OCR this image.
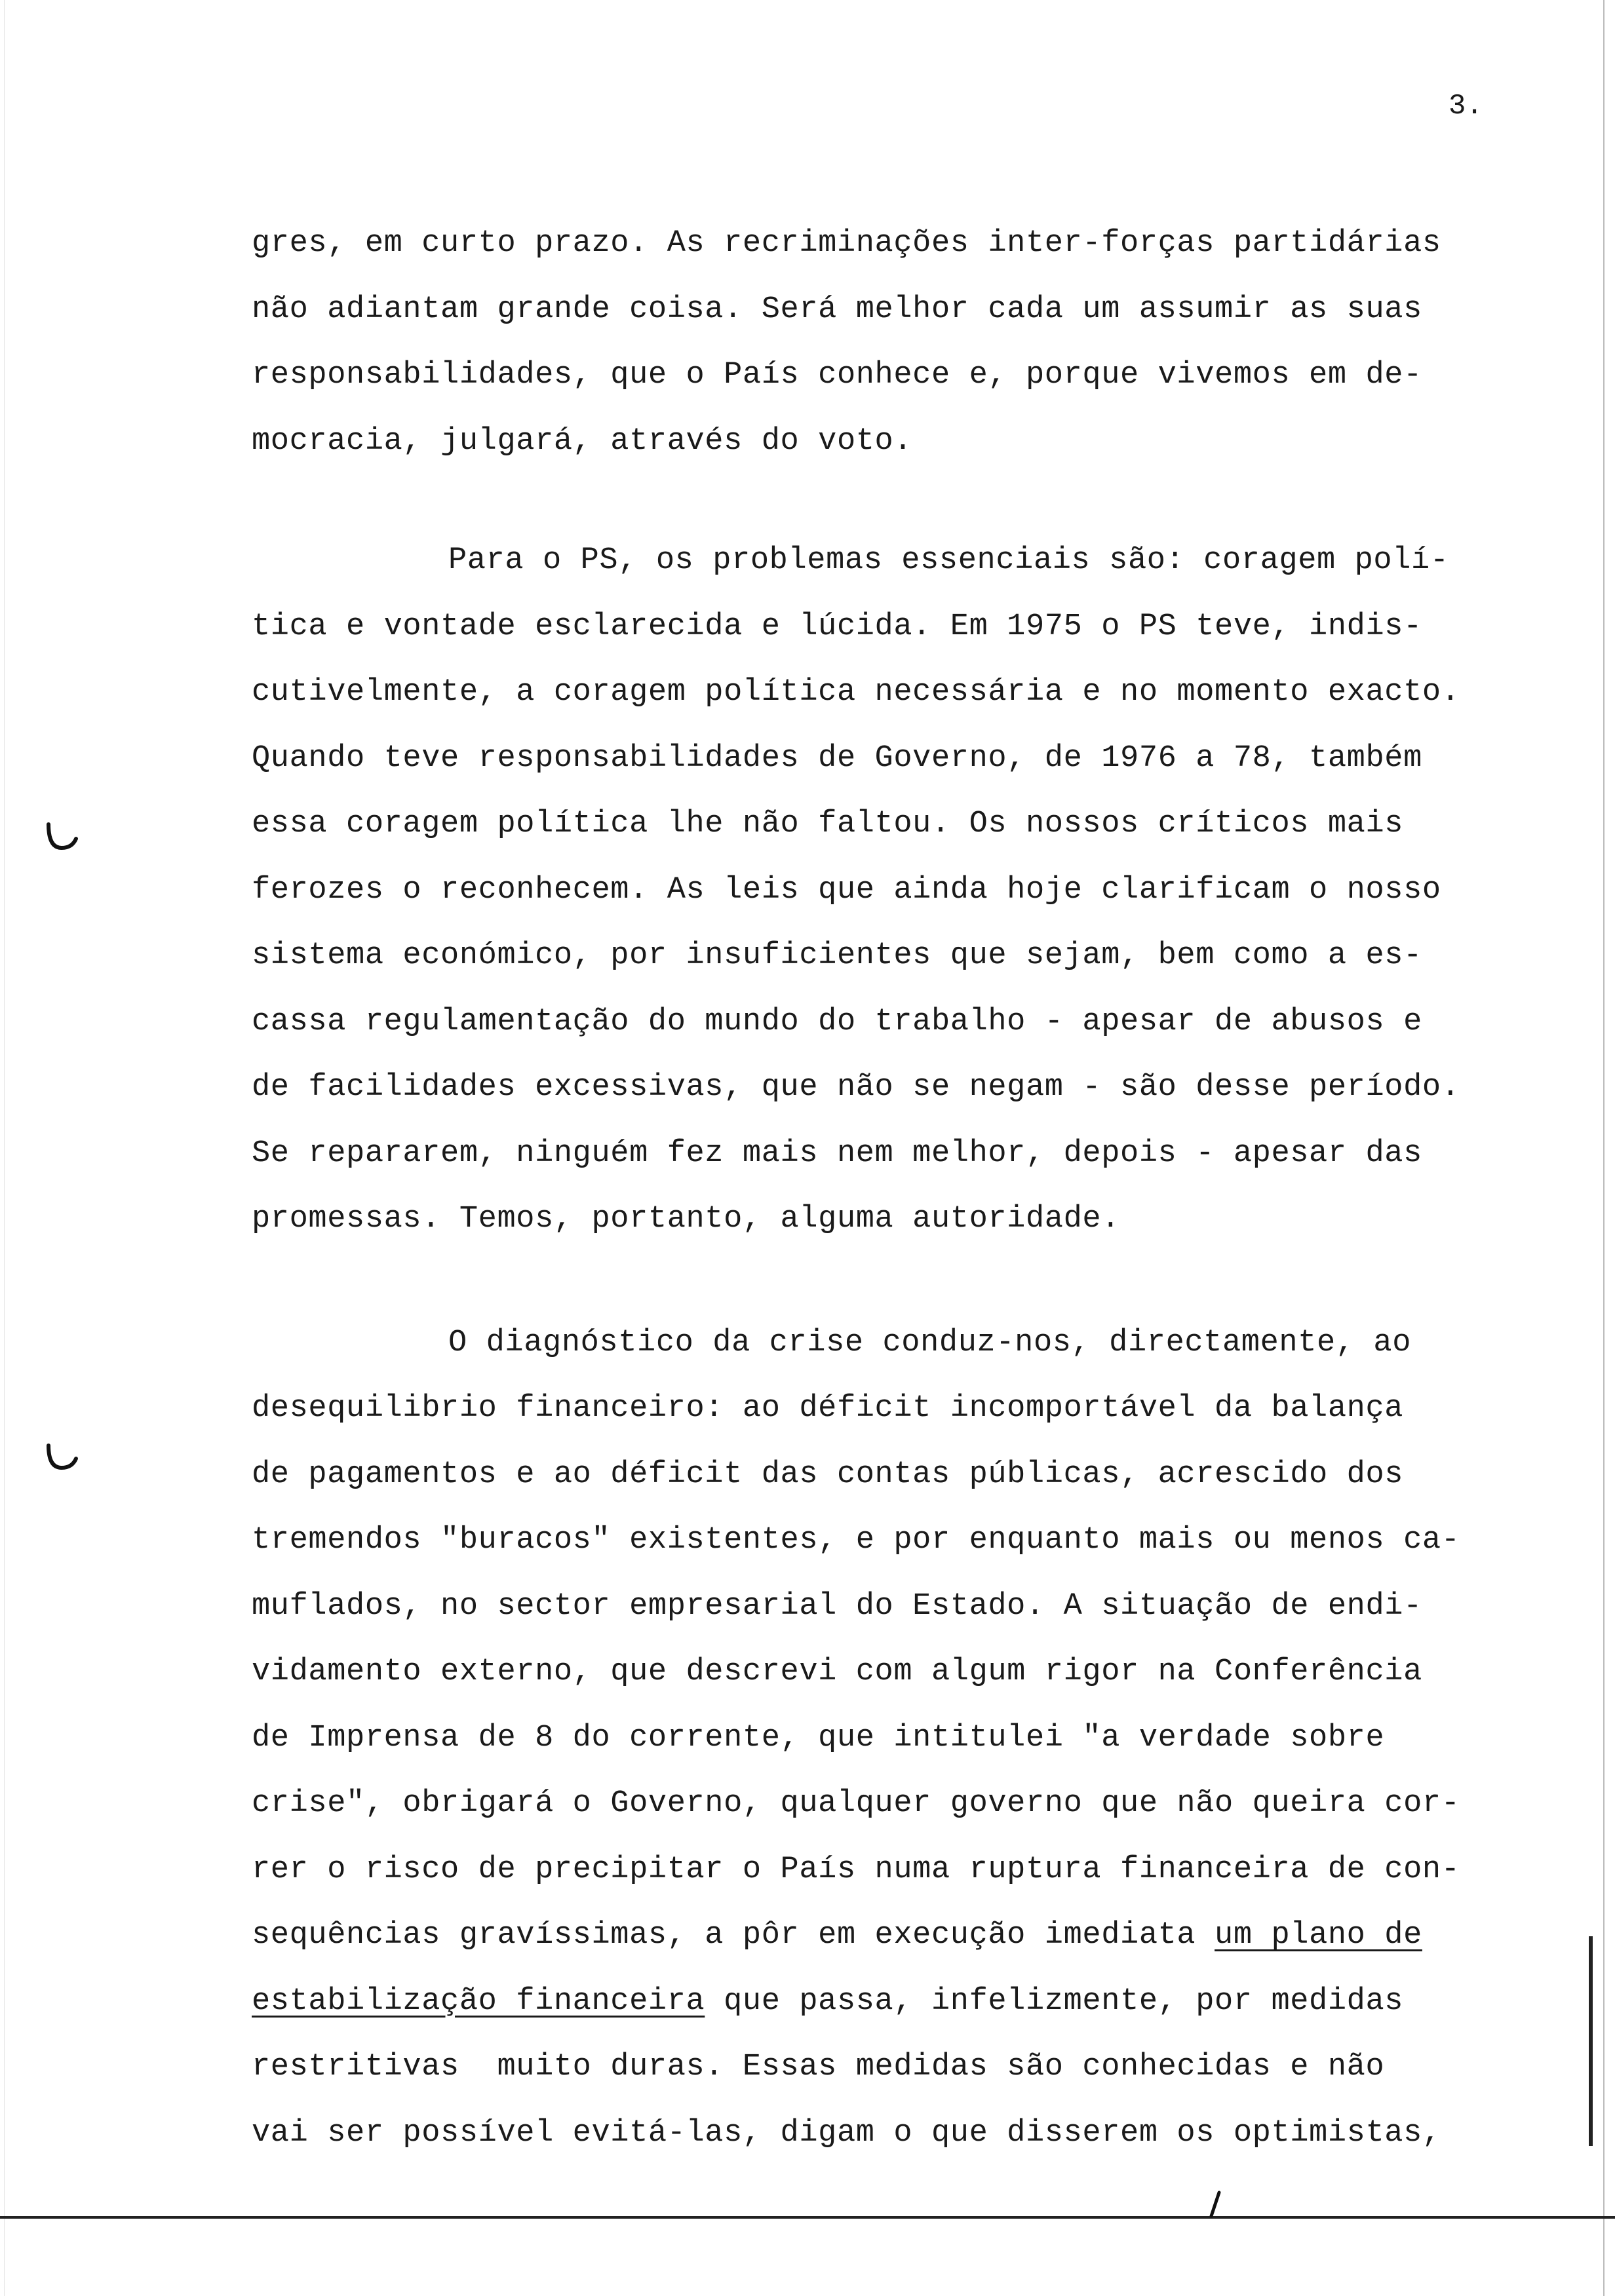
3.
gres, em curto prazo. As recriminações inter-forças partidárias
não adiantam grande coisa. Será melhor cada um assumir as suas
responsabilidades, que o País conhece e, porque vivemos em de-
mocracia, julgará, através do voto.
Para o PS, os problemas essenciais são: coragem polí-
tica e vontade esclarecida e lúcida. Em 1975 o PS teve, indis-
cutivelmente, a coragem política necessária e no momento exacto.
Quando teve responsabilidades de Governo, de 1976 a 78, também
essa coragem política lhe não faltou. Os nossos críticos mais
ferozes o reconhecem. As leis que ainda hoje clarificam o nosso
sistema económico, por insuficientes que sejam, bem como a es-
cassa regulamentação do mundo do trabalho - apesar de abusos e
de facilidades excessivas, que não se negam - são desse período.
Se repararem, ninguém fez mais nem melhor, depois - apesar das
promessas. Temos, portanto, alguma autoridade.
O diagnóstico da crise conduz-nos, directamente, ao
desequilibrio financeiro: ao déficit incomportável da balança
de pagamentos e ao déficit das contas públicas, acrescido dos
tremendos "buracos" existentes, e por enquanto mais ou menos ca-
muflados, no sector empresarial do Estado. A situação de endi-
vidamento externo, que descrevi com algum rigor na Conferência
de Imprensa de 8 do corrente, que intitulei "a verdade sobre
crise", obrigará o Governo, qualquer governo que não queira cor-
rer o risco de precipitar o País numa ruptura financeira de con-
sequências gravíssimas, a pôr em execução imediata um plano de
estabilização financeira que passa, infelizmente, por medidas
restritivas  muito duras. Essas medidas são conhecidas e não
vai ser possível evitá-las, digam o que disserem os optimistas,
